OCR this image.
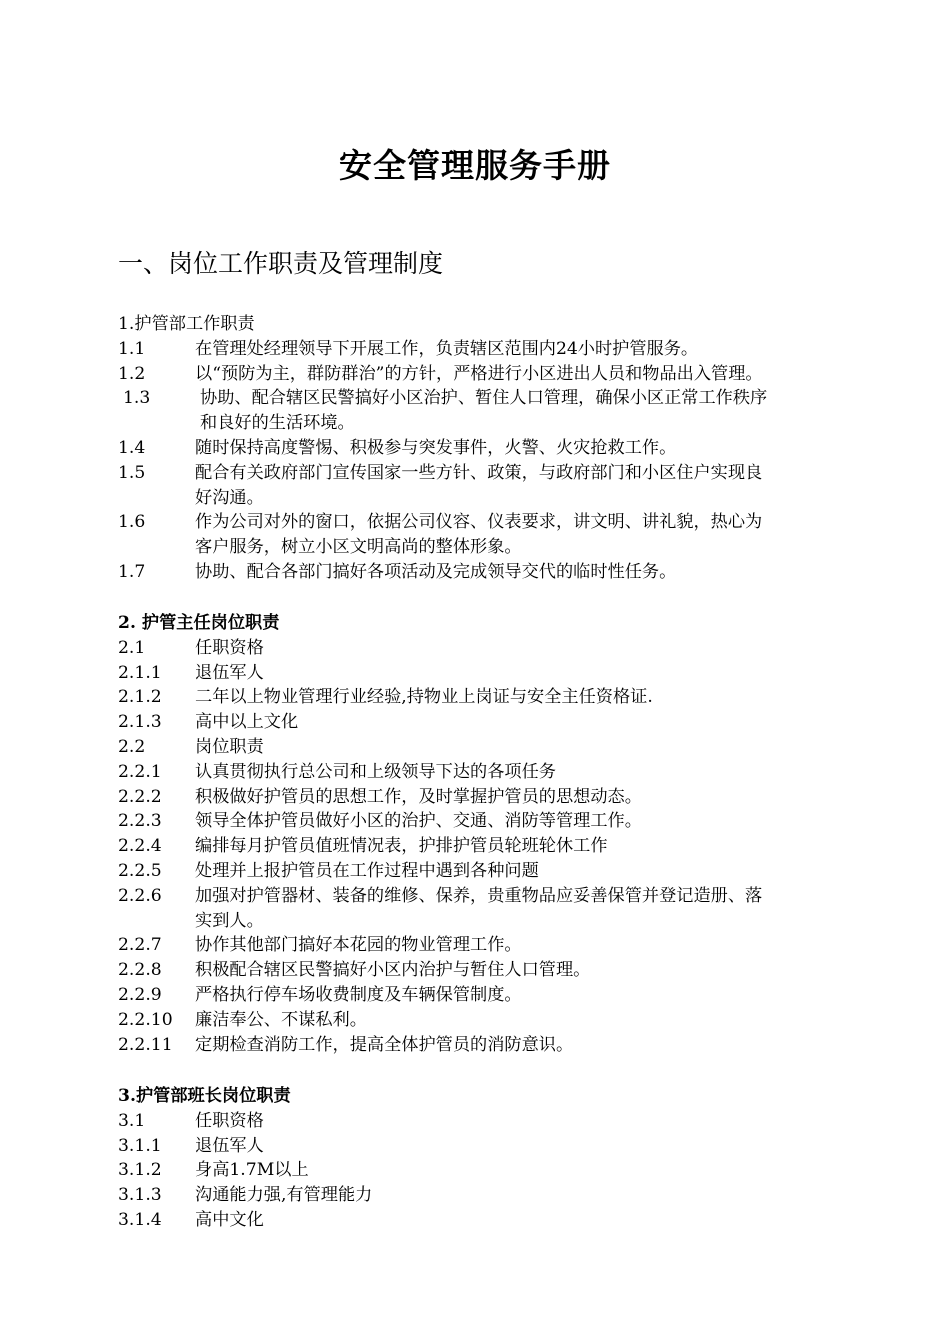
安全管理服务手册
一、岗位工作职责及管理制度
1.护管部工作职责
1.1	在管理处经理领导下开展工作，负责辖区范围内24小时护管服务。
1.2	以“预防为主，群防群治”的方针，严格进行小区进出人员和物品出入管理。
1.3	协助、配合辖区民警搞好小区治护、暂住人口管理，确保小区正常工作秩序
和良好的生活环境。
1.4	随时保持高度警惕、积极参与突发事件，火警、火灾抢救工作。
1.5	配合有关政府部门宣传国家一些方针、政策，与政府部门和小区住户实现良
好沟通。
1.6	作为公司对外的窗口，依据公司仪容、仪表要求，讲文明、讲礼貌，热心为
客户服务，树立小区文明高尚的整体形象。
1.7	协助、配合各部门搞好各项活动及完成领导交代的临时性任务。
2. 护管主任岗位职责
2.1	任职资格
2.1.1 退伍军人
2.1.2 二年以上物业管理行业经验,持物业上岗证与安全主任资格证.
2.1.3 高中以上文化
2.2	岗位职责
2.2.1 认真贯彻执行总公司和上级领导下达的各项任务
2.2.2 积极做好护管员的思想工作，及时掌握护管员的思想动态。
2.2.3 领导全体护管员做好小区的治护、交通、消防等管理工作。
2.2.4 编排每月护管员值班情况表，护排护管员轮班轮休工作
2.2.5 处理并上报护管员在工作过程中遇到各种问题
2.2.6 加强对护管器材、装备的维修、保养，贵重物品应妥善保管并登记造册、落
实到人。
2.2.7 协作其他部门搞好本花园的物业管理工作。
2.2.8 积极配合辖区民警搞好小区内治护与暂住人口管理。
2.2.9 严格执行停车场收费制度及车辆保管制度。
2.2.10 廉洁奉公、不谋私利。
2.2.11 定期检查消防工作，提高全体护管员的消防意识。
3.护管部班长岗位职责
3.1	任职资格
3.1.1 退伍军人
3.1.2 身高1.7M以上
3.1.3 沟通能力强,有管理能力
3.1.4 高中文化
